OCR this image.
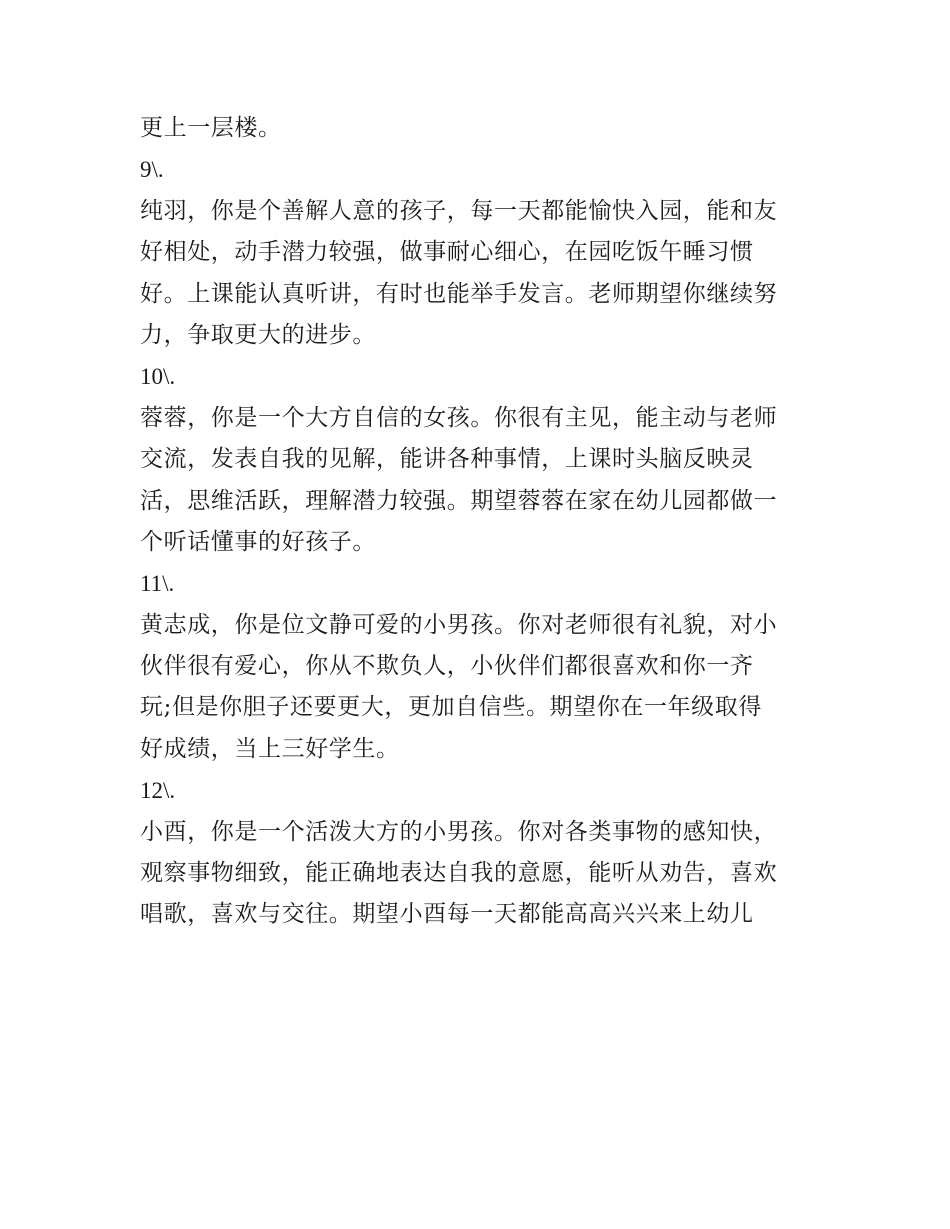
更上一层楼。
9\.
纯羽，你是个善解人意的孩子，每一天都能愉快入园，能和友
好相处，动手潜力较强，做事耐心细心，在园吃饭午睡习惯
好。上课能认真听讲，有时也能举手发言。老师期望你继续努
力，争取更大的进步。
10\.
蓉蓉，你是一个大方自信的女孩。你很有主见，能主动与老师
交流，发表自我的见解，能讲各种事情，上课时头脑反映灵
活，思维活跃，理解潜力较强。期望蓉蓉在家在幼儿园都做一
个听话懂事的好孩子。
11\.
黄志成，你是位文静可爱的小男孩。你对老师很有礼貌，对小
伙伴很有爱心，你从不欺负人，小伙伴们都很喜欢和你一齐
玩;但是你胆子还要更大，更加自信些。期望你在一年级取得
好成绩，当上三好学生。
12\.
小酉，你是一个活泼大方的小男孩。你对各类事物的感知快，
观察事物细致，能正确地表达自我的意愿，能听从劝告，喜欢
唱歌，喜欢与交往。期望小酉每一天都能高高兴兴来上幼儿
